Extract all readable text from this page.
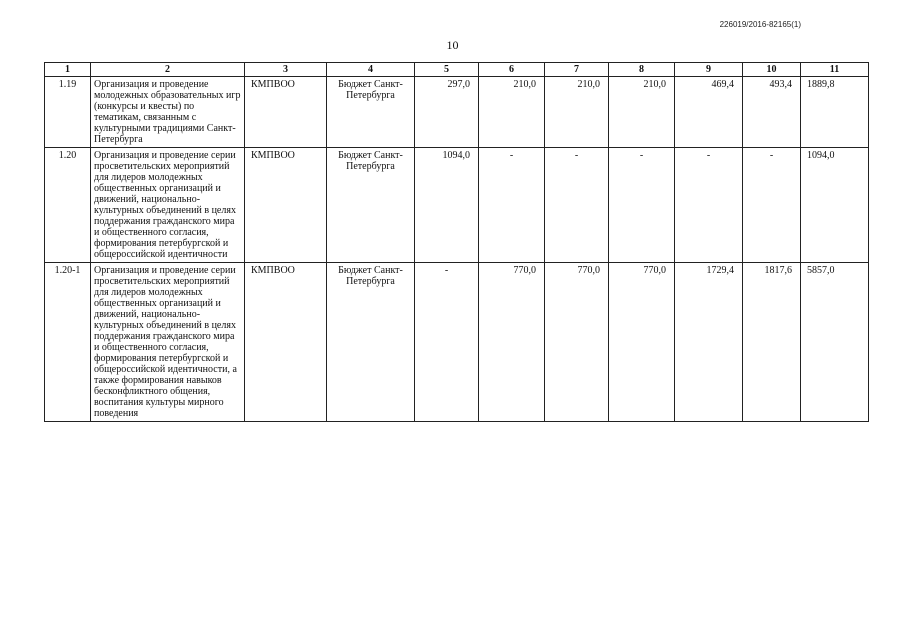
226019/2016-82165(1)
10
1	2	3	4	5	6	7	8	9	10	11
1.19	Организация и проведение молодежных образовательных игр (конкурсы и квесты) по тематикам, связанным с культурными традициями Санкт-Петербурга	КМПВОО	Бюджет Санкт-Петербурга	297,0	210,0	210,0	210,0	469,4	493,4	1889,8
1.20	Организация и проведение серии просветительских мероприятий для лидеров молодежных общественных организаций и движений, национально-культурных объединений в целях поддержания гражданского мира и общественного согласия, формирования петербургской и общероссийской идентичности	КМПВОО	Бюджет Санкт-Петербурга	1094,0	-	-	-	-	-	1094,0
1.20-1	Организация и проведение серии просветительских мероприятий для лидеров молодежных общественных организаций и движений, национально-культурных объединений в целях поддержания гражданского мира и общественного согласия, формирования петербургской и общероссийской идентичности, а также формирования навыков бесконфликтного общения, воспитания культуры мирного поведения	КМПВОО	Бюджет Санкт-Петербурга	-	770,0	770,0	770,0	1729,4	1817,6	5857,0
